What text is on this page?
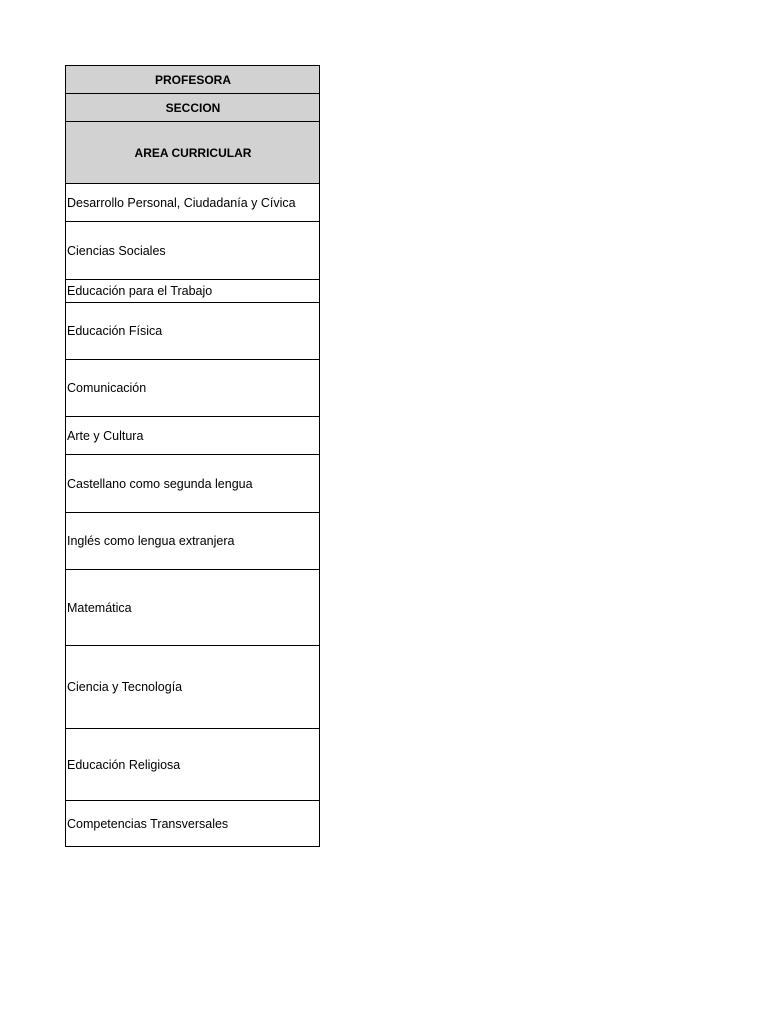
PROFESORA
SECCION
AREA CURRICULAR
Desarrollo Personal, Ciudadanía y Cívica
Ciencias Sociales
Educación para el Trabajo
Educación Física
Comunicación
Arte y Cultura
Castellano como segunda lengua
Inglés como lengua extranjera
Matemática
Ciencia y Tecnología
Educación Religiosa
Competencias Transversales
